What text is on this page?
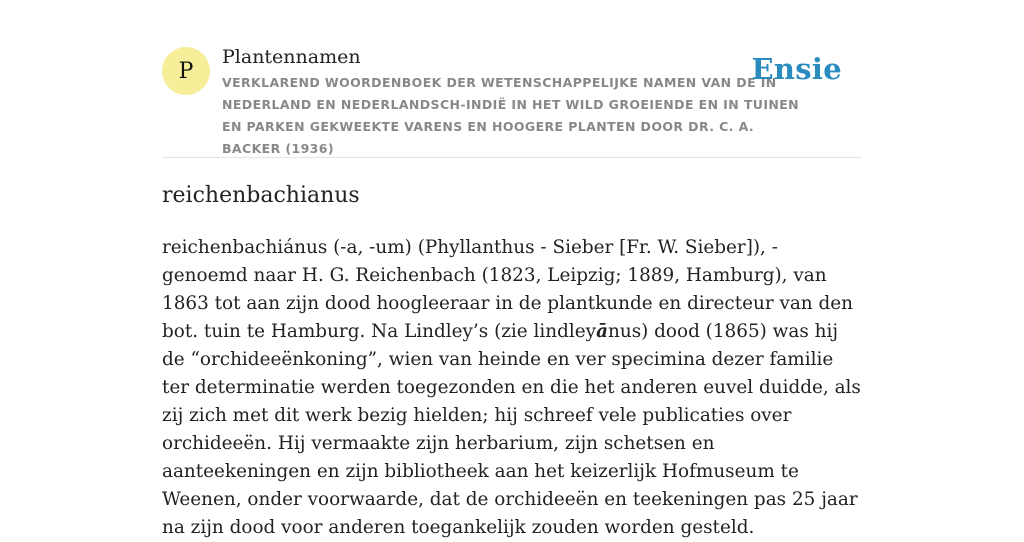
P
Plantennamen
VERKLAREND WOORDENBOEK DER WETENSCHAPPELIJKE NAMEN VAN DE IN NEDERLAND EN NEDERLANDSCH-INDIË IN HET WILD GROEIENDE EN IN TUINEN EN PARKEN GEKWEEKTE VARENS EN HOOGERE PLANTEN DOOR DR. C. A. BACKER (1936)
Ensie
reichenbachianus

reichenbachiánus (-a, -um) (Phyllanthus - Sieber [Fr. W. Sieber]), - genoemd naar H. G. Reichenbach (1823, Leipzig; 1889, Hamburg), van 1863 tot aan zijn dood hoogleeraar in de plantkunde en directeur van den bot. tuin te Hamburg. Na Lindley’s (zie lindleyānus) dood (1865) was hij de “orchideeënkoning”, wien van heinde en ver specimina dezer familie ter determinatie werden toegezonden en die het anderen euvel duidde, als zij zich met dit werk bezig hielden; hij schreef vele publicaties over orchideeën. Hij vermaakte zijn herbarium, zijn schetsen en aanteekeningen en zijn bibliotheek aan het keizerlijk Hofmuseum te Weenen, onder voorwaarde, dat de orchideeën en teekeningen pas 25 jaar na zijn dood voor anderen toegankelijk zouden worden gesteld.
